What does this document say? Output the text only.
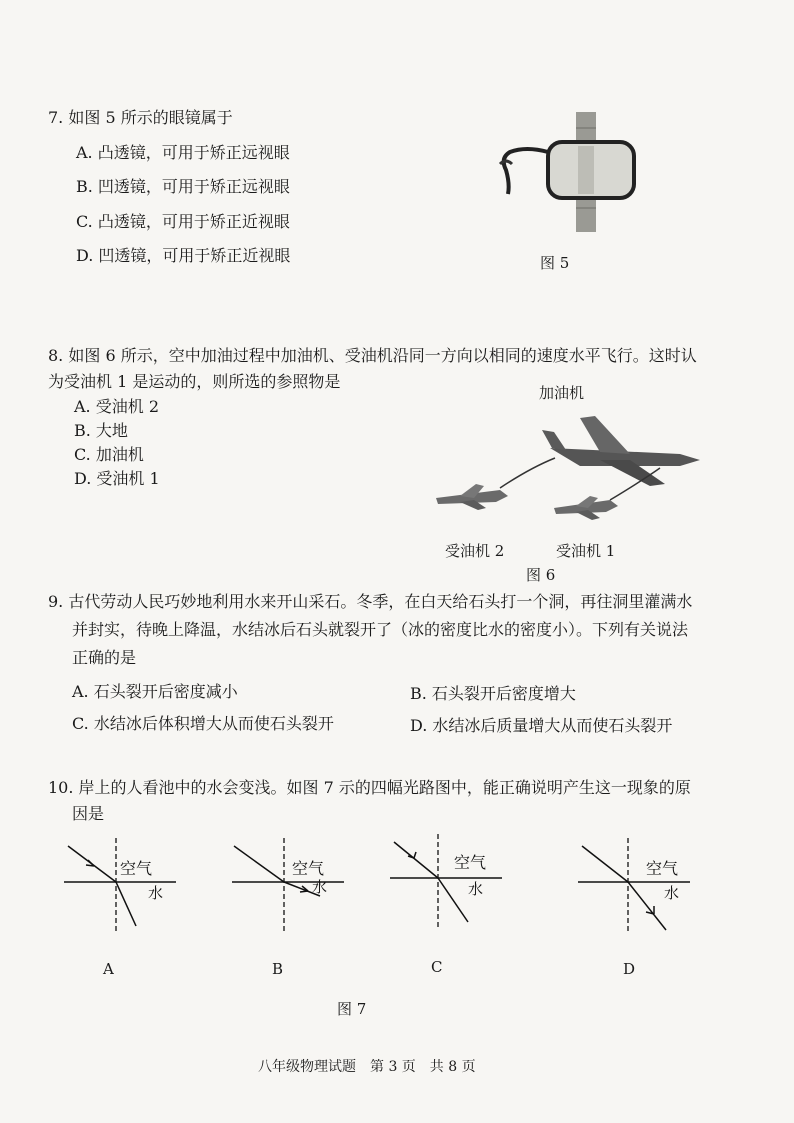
7. 如图 5 所示的眼镜属于
A. 凸透镜，可用于矫正远视眼
B. 凹透镜，可用于矫正远视眼
C. 凸透镜，可用于矫正近视眼
D. 凹透镜，可用于矫正近视眼	图 5
8. 如图 6 所示，空中加油过程中加油机、受油机沿同一方向以相同的速度水平飞行。这时认
为受油机 1 是运动的，则所选的参照物是
A. 受油机 2
B. 大地
C. 加油机
D. 受油机 1
加油机
受油机 2	受油机 1
图 6
9. 古代劳动人民巧妙地利用水来开山采石。冬季，在白天给石头打一个洞，再往洞里灌满水
并封实，待晚上降温，水结冰后石头就裂开了（冰的密度比水的密度小）。下列有关说法
正确的是
A. 石头裂开后密度减小	B. 石头裂开后密度增大
C. 水结冰后体积增大从而使石头裂开	D. 水结冰后质量增大从而使石头裂开
10. 岸上的人看池中的水会变浅。如图 7 示的四幅光路图中，能正确说明产生这一现象的原
因是
空气
水
A
空气
水
B
空气
水
C
空气
水
D
图 7
八年级物理试题　第 3 页　共 8 页
